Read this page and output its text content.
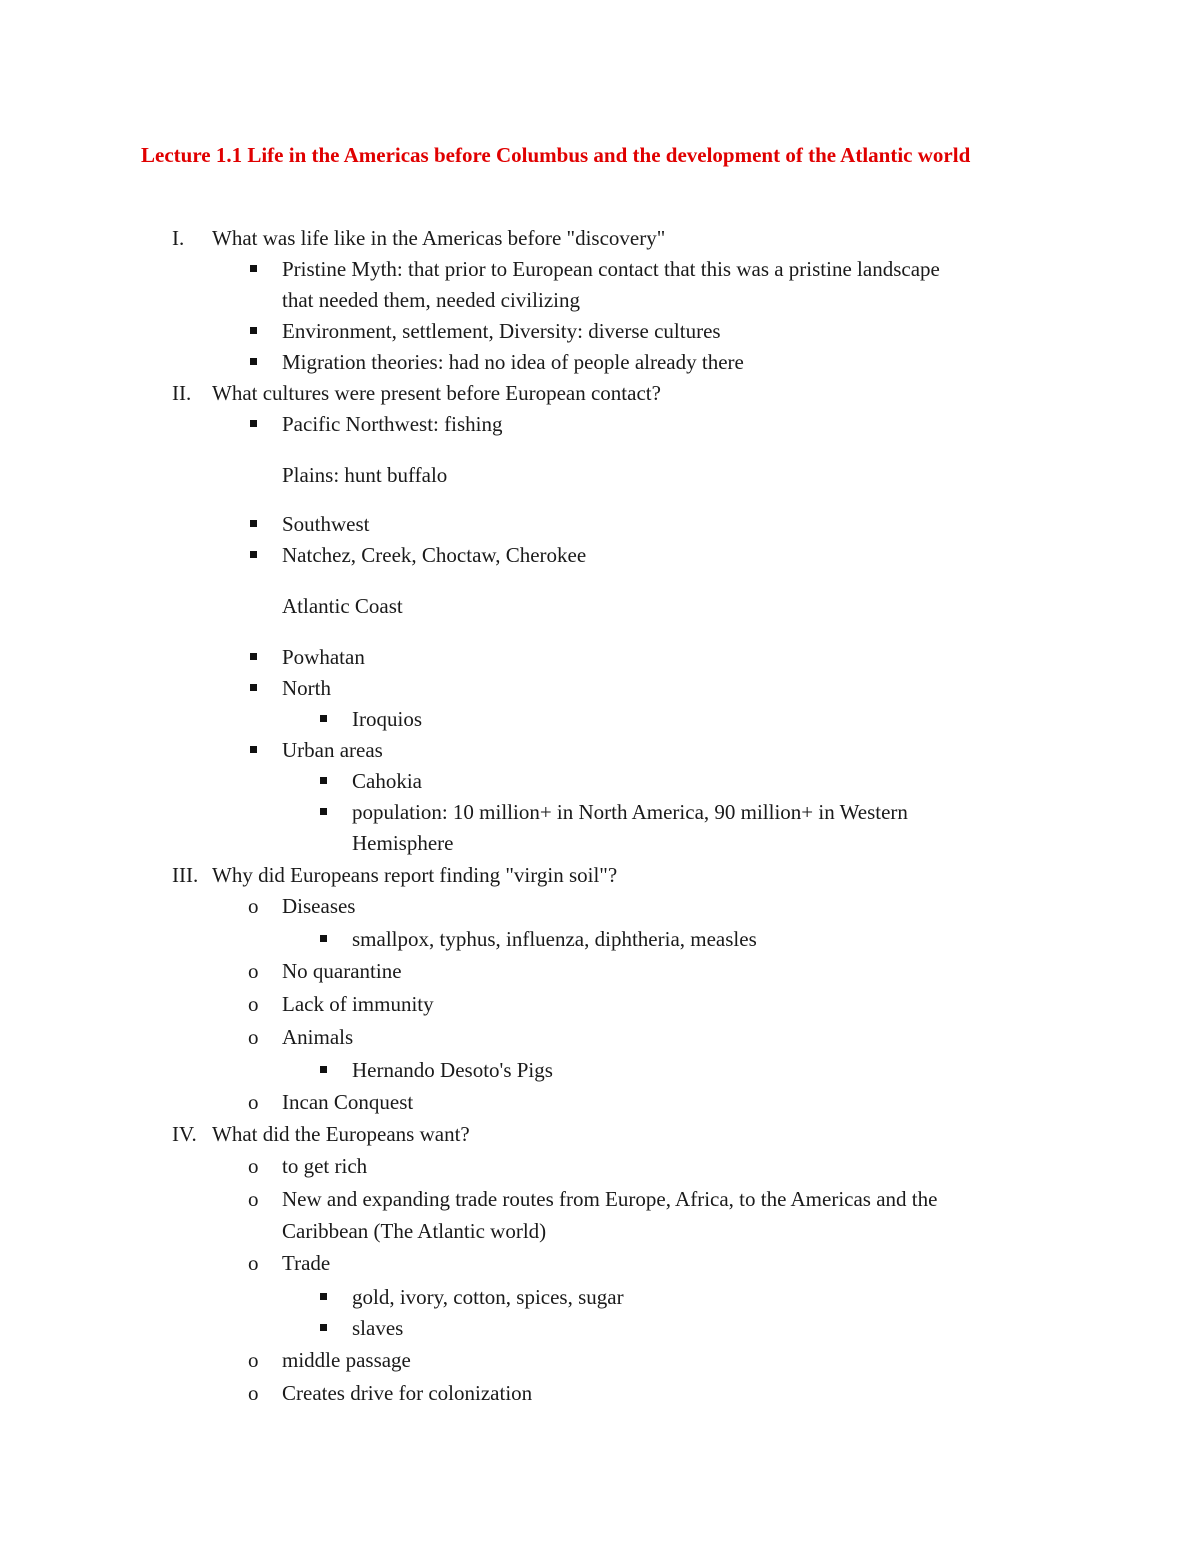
Lecture 1.1 Life in the Americas before Columbus and the development of the Atlantic world
I. What was life like in the Americas before "discovery"
Pristine Myth: that prior to European contact that this was a pristine landscape
that needed them, needed civilizing
Environment, settlement, Diversity: diverse cultures
Migration theories: had no idea of people already there
II. What cultures were present before European contact?
Pacific Northwest: fishing
Plains: hunt buffalo
Southwest
Natchez, Creek, Choctaw, Cherokee
Atlantic Coast
Powhatan
North
Iroquios
Urban areas
Cahokia
population: 10 million+ in North America, 90 million+ in Western
Hemisphere
III. Why did Europeans report finding "virgin soil"?
o Diseases
smallpox, typhus, influenza, diphtheria, measles
o No quarantine
o Lack of immunity
o Animals
Hernando Desoto's Pigs
o Incan Conquest
IV. What did the Europeans want?
o to get rich
o New and expanding trade routes from Europe, Africa, to the Americas and the
Caribbean (The Atlantic world)
o Trade
gold, ivory, cotton, spices, sugar
slaves
o middle passage
o Creates drive for colonization
